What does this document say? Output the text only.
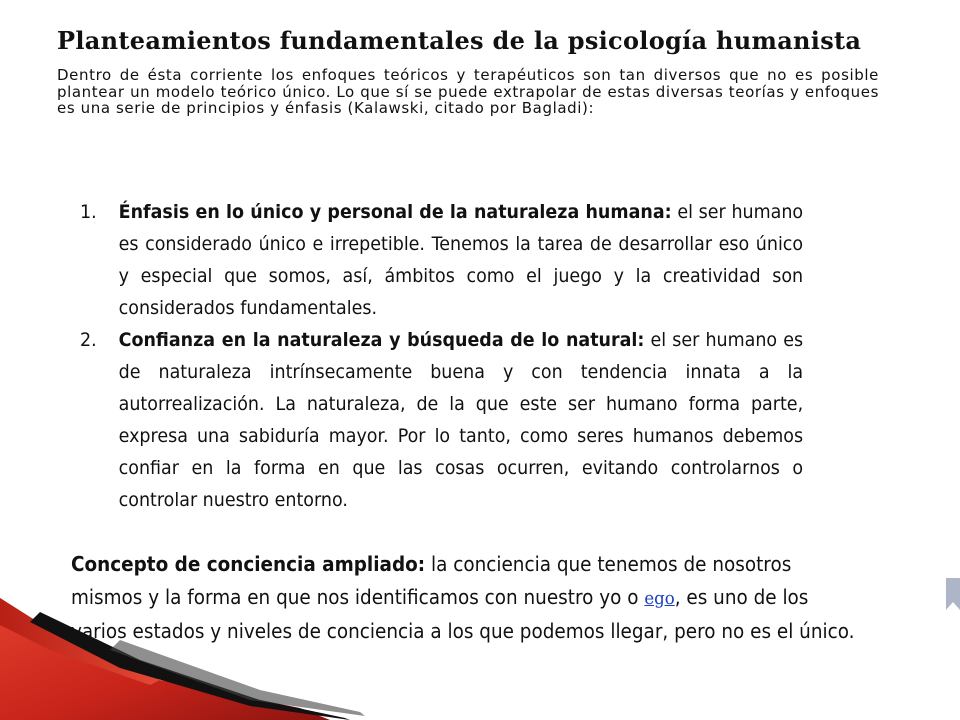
Planteamientos fundamentales de la psicología humanista

Dentro de ésta corriente los enfoques teóricos y terapéuticos son tan diversos que no es posible plantear un modelo teórico único. Lo que sí se puede extrapolar de estas diversas teorías y enfoques es una serie de principios y énfasis (Kalawski, citado por Bagladi):

1.	Énfasis en lo único y personal de la naturaleza humana: el ser humano es considerado único e irrepetible. Tenemos la tarea de desarrollar eso único y especial que somos, así, ámbitos como el juego y la creatividad son considerados fundamentales.
2.	Confianza en la naturaleza y búsqueda de lo natural: el ser humano es de naturaleza intrínsecamente buena y con tendencia innata a la autorrealización. La naturaleza, de la que este ser humano forma parte, expresa una sabiduría mayor. Por lo tanto, como seres humanos debemos confiar en la forma en que las cosas ocurren, evitando controlarnos o controlar nuestro entorno.

Concepto de conciencia ampliado: la conciencia que tenemos de nosotros mismos y la forma en que nos identificamos con nuestro yo o ego, es uno de los varios estados y niveles de conciencia a los que podemos llegar, pero no es el único.
